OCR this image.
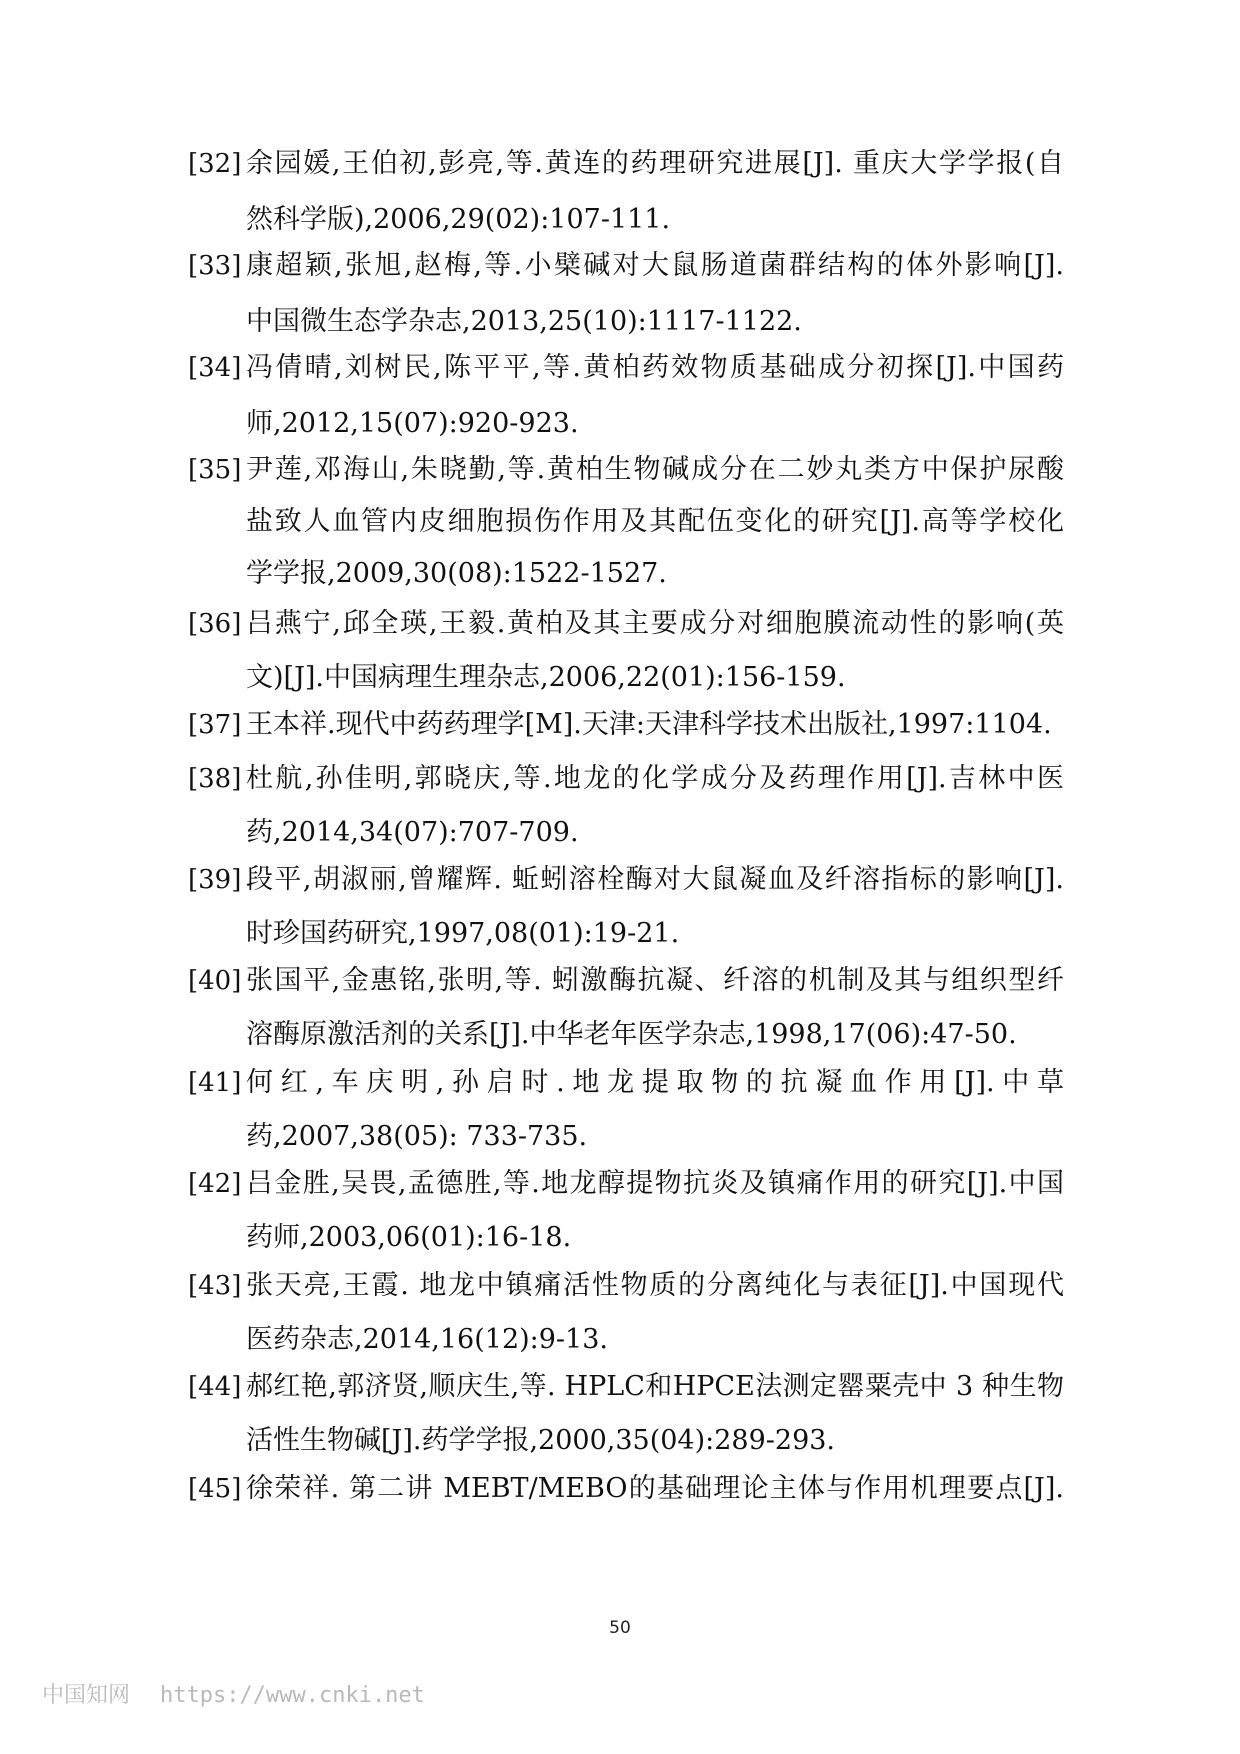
[32] 余园媛,王伯初,彭亮,等.黄连的药理研究进展[J]. 重庆大学学报(自
然科学版),2006,29(02):107-111.
[33] 康超颖,张旭,赵梅,等.小檗碱对大鼠肠道菌群结构的体外影响[J].
中国微生态学杂志,2013,25(10):1117-1122.
[34] 冯倩晴,刘树民,陈平平,等.黄柏药效物质基础成分初探[J].中国药
师,2012,15(07):920-923.
[35] 尹莲,邓海山,朱晓勤,等.黄柏生物碱成分在二妙丸类方中保护尿酸
盐致人血管内皮细胞损伤作用及其配伍变化的研究[J].高等学校化
学学报,2009,30(08):1522-1527.
[36] 吕燕宁,邱全瑛,王毅.黄柏及其主要成分对细胞膜流动性的影响(英
文)[J].中国病理生理杂志,2006,22(01):156-159.
[37] 王本祥.现代中药药理学[M].天津:天津科学技术出版社,1997:1104.
[38] 杜航,孙佳明,郭晓庆,等.地龙的化学成分及药理作用[J].吉林中医
药,2014,34(07):707-709.
[39] 段平,胡淑丽,曾耀辉. 蚯蚓溶栓酶对大鼠凝血及纤溶指标的影响[J].
时珍国药研究,1997,08(01):19-21.
[40] 张国平,金惠铭,张明,等. 蚓激酶抗凝、纤溶的机制及其与组织型纤
溶酶原激活剂的关系[J].中华老年医学杂志,1998,17(06):47-50.
[41] 何红,车庆明,孙启时.地龙提取物的抗凝血作用[J].中草
药,2007,38(05): 733-735.
[42] 吕金胜,吴畏,孟德胜,等.地龙醇提物抗炎及镇痛作用的研究[J].中国
药师,2003,06(01):16-18.
[43] 张天亮,王霞. 地龙中镇痛活性物质的分离纯化与表征[J].中国现代
医药杂志,2014,16(12):9-13.
[44] 郝红艳,郭济贤,顺庆生,等. HPLC和HPCE法测定罂粟壳中 3 种生物
活性生物碱[J].药学学报,2000,35(04):289-293.
[45] 徐荣祥. 第二讲 MEBT/MEBO的基础理论主体与作用机理要点[J].
50
中国知网 https://www.cnki.net
